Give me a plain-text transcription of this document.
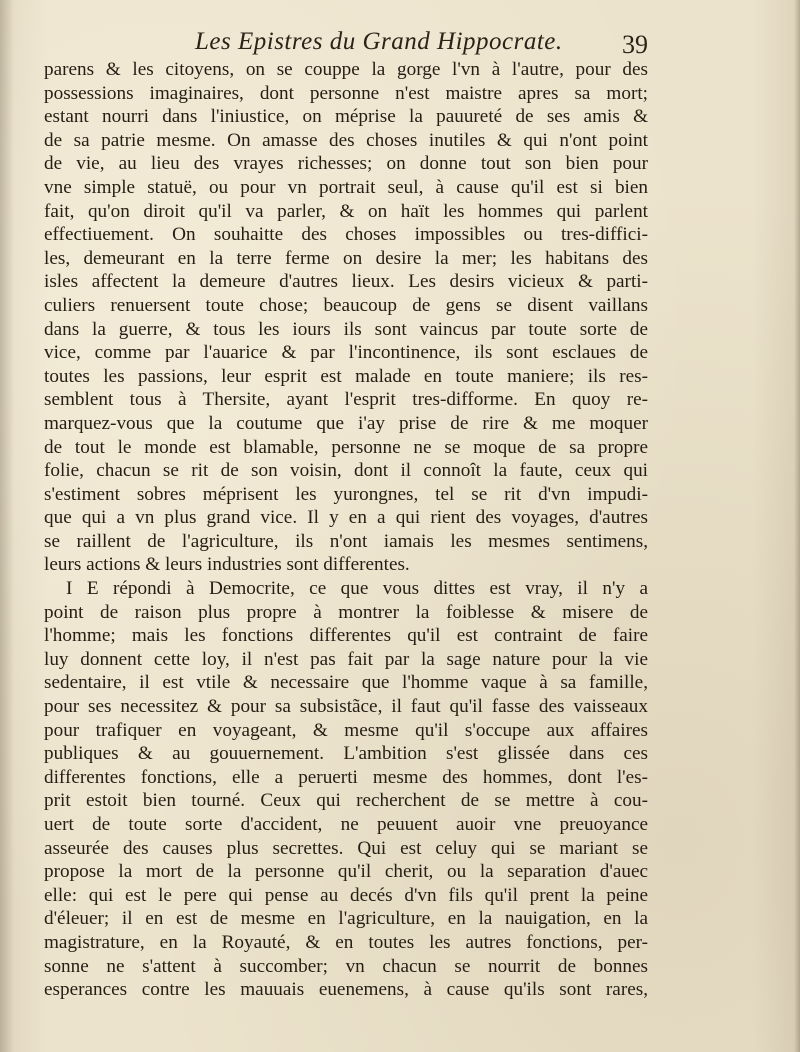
Les Epistres du Grand Hippocrate. 39
parens & les citoyens, on se couppe la gorge l'vn à l'autre, pour des
possessions imaginaires, dont personne n'est maistre apres sa mort;
estant nourri dans l'iniustice, on méprise la pauureté de ses amis &
de sa patrie mesme. On amasse des choses inutiles & qui n'ont point
de vie, au lieu des vrayes richesses; on donne tout son bien pour
vne simple statuë, ou pour vn portrait seul, à cause qu'il est si bien
fait, qu'on diroit qu'il va parler, & on haït les hommes qui parlent
effectiuement. On souhaitte des choses impossibles ou tres-diffici-
les, demeurant en la terre ferme on desire la mer; les habitans des
isles affectent la demeure d'autres lieux. Les desirs vicieux & parti-
culiers renuersent toute chose; beaucoup de gens se disent vaillans
dans la guerre, & tous les iours ils sont vaincus par toute sorte de
vice, comme par l'auarice & par l'incontinence, ils sont esclaues de
toutes les passions, leur esprit est malade en toute maniere; ils res-
semblent tous à Thersite, ayant l'esprit tres-difforme. En quoy re-
marquez-vous que la coutume que i'ay prise de rire & me moquer
de tout le monde est blamable, personne ne se moque de sa propre
folie, chacun se rit de son voisin, dont il connoît la faute, ceux qui
s'estiment sobres méprisent les yurongnes, tel se rit d'vn impudi-
que qui a vn plus grand vice. Il y en a qui rient des voyages, d'autres
se raillent de l'agriculture, ils n'ont iamais les mesmes sentimens,
leurs actions & leurs industries sont differentes.
I E répondi à Democrite, ce que vous dittes est vray, il n'y a
point de raison plus propre à montrer la foiblesse & misere de
l'homme; mais les fonctions differentes qu'il est contraint de faire
luy donnent cette loy, il n'est pas fait par la sage nature pour la vie
sedentaire, il est vtile & necessaire que l'homme vaque à sa famille,
pour ses necessitez & pour sa subsistãce, il faut qu'il fasse des vaisseaux
pour trafiquer en voyageant, & mesme qu'il s'occupe aux affaires
publiques & au gouuernement. L'ambition s'est glissée dans ces
differentes fonctions, elle a peruerti mesme des hommes, dont l'es-
prit estoit bien tourné. Ceux qui recherchent de se mettre à cou-
uert de toute sorte d'accident, ne peuuent auoir vne preuoyance
asseurée des causes plus secrettes. Qui est celuy qui se mariant se
propose la mort de la personne qu'il cherit, ou la separation d'auec
elle: qui est le pere qui pense au decés d'vn fils qu'il prent la peine
d'éleuer; il en est de mesme en l'agriculture, en la nauigation, en la
magistrature, en la Royauté, & en toutes les autres fonctions, per-
sonne ne s'attent à succomber; vn chacun se nourrit de bonnes
esperances contre les mauuais euenemens, à cause qu'ils sont rares,
